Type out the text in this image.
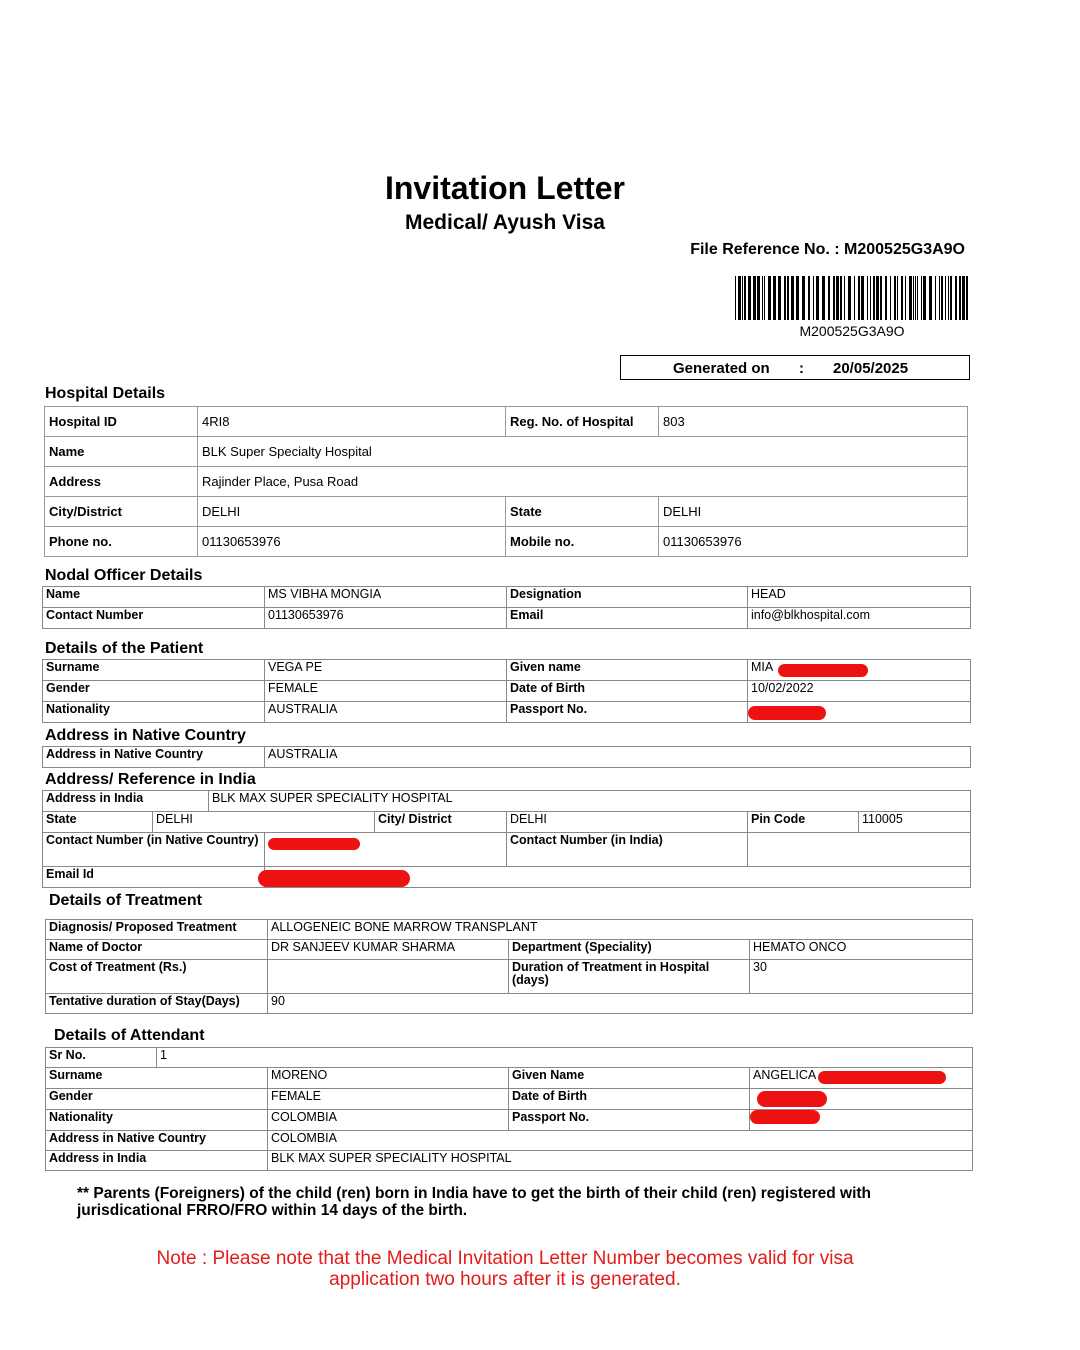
Invitation Letter
Medical/ Ayush Visa
File Reference No. : M200525G3A9O
M200525G3A9O
Generated on : 20/05/2025
Hospital Details
Hospital ID	4RI8	Reg. No. of Hospital	803
Name	BLK Super Specialty Hospital		
Address	Rajinder Place, Pusa Road		
City/District	DELHI	State	DELHI
Phone no.	01130653976	Mobile no.	01130653976
Nodal Officer Details
Name	MS VIBHA MONGIA	Designation	HEAD
Contact Number	01130653976	Email	info@blkhospital.com
Details of the Patient
Surname	VEGA PE	Given name	MIA
Gender	FEMALE	Date of Birth	10/02/2022
Nationality	AUSTRALIA	Passport No.	
Address in Native Country
Address in Native Country	AUSTRALIA
Address/ Reference in India
Address in India		BLK MAX SUPER SPECIALITY HOSPITAL					
State	DELHI			City/ District	DELHI	Pin Code	110005
Contact Number (in Native Country)					Contact Number (in India)		
Email Id							
Details of Treatment
Diagnosis/ Proposed Treatment	ALLOGENEIC BONE MARROW TRANSPLANT		
Name of Doctor	DR SANJEEV KUMAR SHARMA	Department (Speciality)	HEMATO ONCO
Cost of Treatment (Rs.)		Duration of Treatment in Hospital (days)	30
Tentative duration of Stay(Days)	90		
Details of Attendant
Sr No.	1			
Surname		MORENO	Given Name	ANGELICA
Gender		FEMALE	Date of Birth	
Nationality		COLOMBIA	Passport No.	
Address in Native Country		COLOMBIA		
Address in India		BLK MAX SUPER SPECIALITY HOSPITAL		
** Parents (Foreigners) of the child (ren) born in India have to get the birth of their child (ren) registered with jurisdicational FRRO/FRO within 14 days of the birth.
Note : Please note that the Medical Invitation Letter Number becomes valid for visa
application two hours after it is generated.
